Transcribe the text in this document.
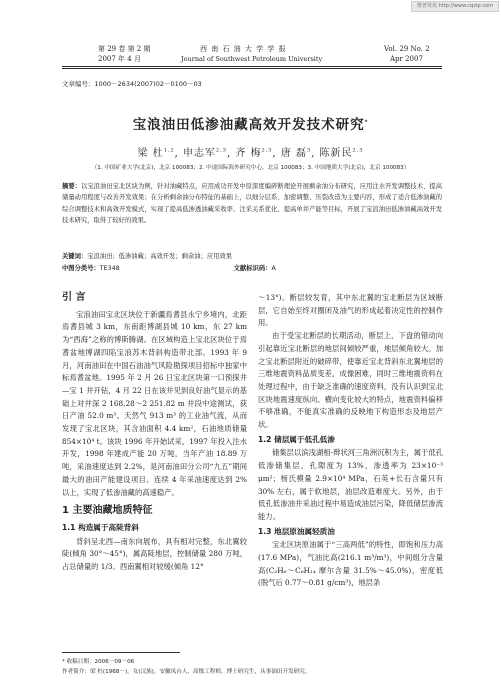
维普资讯 http://www.cqvip.com
第 29 卷 第 2 期
2007 年 4 月
西 南 石 油 大 学 学 报
Journal of Southwest Petroleum University
Vol. 29 No. 2
Apr 2007
文章编号：1000－2634(2007)02－0100－03
宝浪油田低渗油藏高效开发技术研究*
梁 杜$^{1,2}$, 申志军$^{2,3}$, 齐 梅$^{2,3}$, 唐 磊$^3$, 陈新民$^{2,3}$
（1. 中国矿业大学(北京)，北京 100083；2. 中途国际海外研究中心，北京 100083；3. 中国地质大学(北京)，北京 100083）
摘要：以宝浪油田宝北区块为例，针对油藏特点，应用成功开发中原深度编碎断理论开展剩余油分布研究，应用注水开发调整技术、提高储量动用程度与改善开发效果；在分析剩余油分布特征的基础上，以细分层系、加密调整、压裂改造为主要内容，形成了适合低渗油藏的综合调整技术和高效开发模式，实现了提高低渗透油藏采收率、注采关系优化、提高单井产能等目标，开展了宝浪油田低渗油藏高效开发技术研究，取得了较好的效果。
关键词：宝浪油田；低渗油藏；高效开发；剩余油；应用效果
中图分类号：TE348	文献标识码：A
引 言

宝浪油田宝北区块位于新疆焉耆县永宁乡境内，北距焉耆县城 3 km，东南距博湖县城 10 km，东 27 km 为“西海”之称的博斯腾湖。在区域构造上宝北区块位于焉耆盆地博湖四陷宝浪苏木背斜构造带北部。1993 年 9 月，河南油田在中国石油油气风险勘探项目招标中独家中标焉耆盆地。1995 年 2 月 26 日宝北区块第一口预探井—宝 1 井开钻，4 月 22 日在该井见到良好油气显示的基础上对井深 2 168.28～2 251.82 m 井段中途测试，获日产油 52.0 m³、天然气 913 m³ 的工业油气流，从而发现了宝北区块，其含油面积 4.4 km²，石油地质储量 854×10⁴ t。该块 1996 年开始试采，1997 年投入注水开发，1998 年建成产能 20 万吨，当年产油 18.89 万吨，采油速度达到 2.2%，是河南油田分公司“九五”期间最大的油田产能建设项目。连续 4 年采油速度达到 2% 以上，实现了低渗油藏的高速稳产。

1 主要油藏地质特征
1.1 构造属于高陡背斜

背斜呈北西—南东向展布，具有相对完整，东北翼较陡(倾角 30°～45°)，属高陡地层，控制储量 280 万吨，占总储量的 1/3。西南翼相对较缓(倾角 12°

～13°)。断层较发育，其中东北翼的宝北断层为区域断层，它自始至终对圈闭及油气的形成起着决定性的控制作用。

由于受宝北断层的长期活动，断层上、下盘的错动向引起靠近宝北断层的地层间倾较严重，地层倾角较大。加之宝北断层附近的破碎带，使靠近宝北背斜东北翼地层的三维地震资料品质变差，成像困难，同时三维地震资料在处理过程中，由于缺乏准确的速度资料，没有认识到宝北区块地震速度纵向、横向变化较大的特点，地震资料偏移不够准确，不能真实准确的反映地下构造形态及地层产状。

1.2 储层属于低孔低渗

储集层以滨浅湖相-辫状河三角洲沉积为主，属于低孔低渗储集层，孔隙度为 13%，渗透率为 23×10⁻³ μm²；杨氏模量 2.9×10⁴ MPa，石英+长石含量只有 30% 左右，属于软地层，油层改造难度大。另外，由于低孔低渗油井采油过程中易造成油层污染，降低储层渗流能力。

1.3 地层原油属轻质油

宝北区块原油属于“三高两低”的特性，即饱和压力高(17.6 MPa)，气油比高(216.1 m³/m³)，中间组分含量高(C₂H₆～C₆H₁₄ 摩尔含量 31.5%～45.0%)，密度低(脱气后 0.77～0.81 g/cm³)，地层条

* 收稿日期：2006－09－06
作者简介：梁 杜(1968－)，女(汉族)，安徽凤台人，高级工程师，博士研究生，从事油田开发研究。
